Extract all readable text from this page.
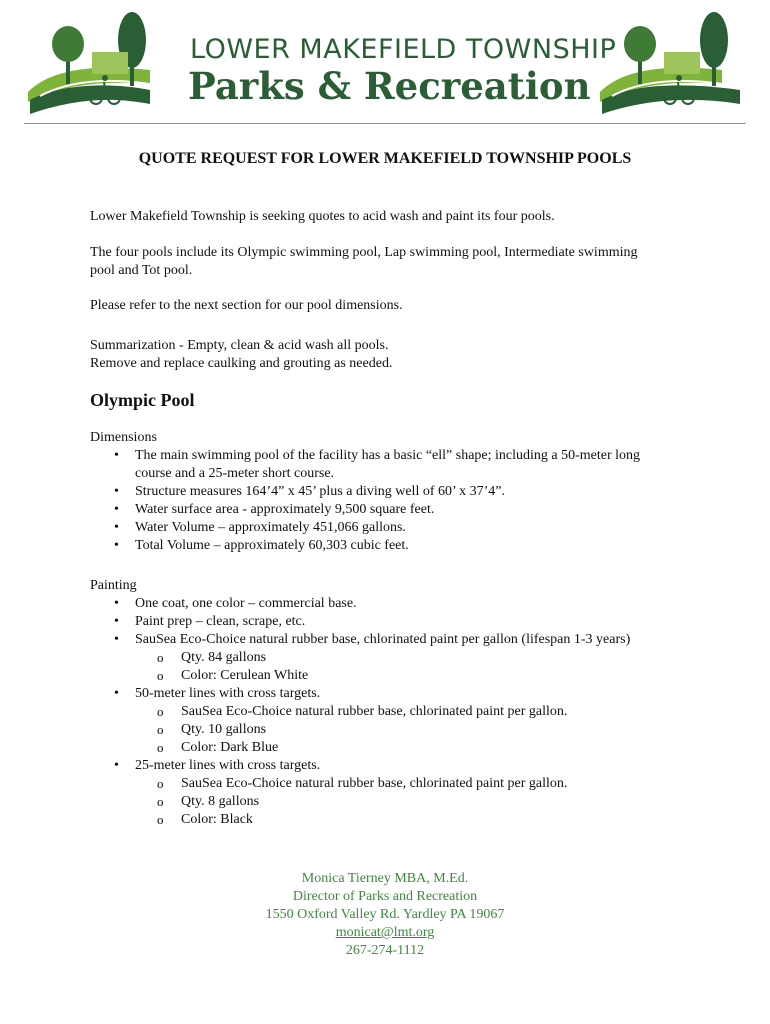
LOWER MAKEFIELD TOWNSHIP
Parks & Recreation
QUOTE REQUEST FOR LOWER MAKEFIELD TOWNSHIP POOLS

Lower Makefield Township is seeking quotes to acid wash and paint its four pools.

The four pools include its Olympic swimming pool, Lap swimming pool, Intermediate swimming pool and Tot pool.

Please refer to the next section for our pool dimensions.

Summarization - Empty, clean & acid wash all pools.

Remove and replace caulking and grouting as needed.

Olympic Pool

Dimensions

• The main swimming pool of the facility has a basic “ell” shape; including a 50-meter long course and a 25-meter short course.
• Structure measures 164’4” x 45’ plus a diving well of 60’ x 37’4”.
• Water surface area - approximately 9,500 square feet.
• Water Volume – approximately 451,066 gallons.
• Total Volume – approximately 60,303 cubic feet.

Painting

• One coat, one color – commercial base.
• Paint prep – clean, scrape, etc.
• SauSea Eco-Choice natural rubber base, chlorinated paint per gallon (lifespan 1-3 years)
o Qty. 84 gallons
o Color: Cerulean White
• 50-meter lines with cross targets.
o SauSea Eco-Choice natural rubber base, chlorinated paint per gallon.
o Qty. 10 gallons
o Color: Dark Blue
• 25-meter lines with cross targets.
o SauSea Eco-Choice natural rubber base, chlorinated paint per gallon.
o Qty. 8 gallons
o Color: Black
Monica Tierney MBA, M.Ed.
Director of Parks and Recreation
1550 Oxford Valley Rd. Yardley PA 19067
monicat@lmt.org
267-274-1112
